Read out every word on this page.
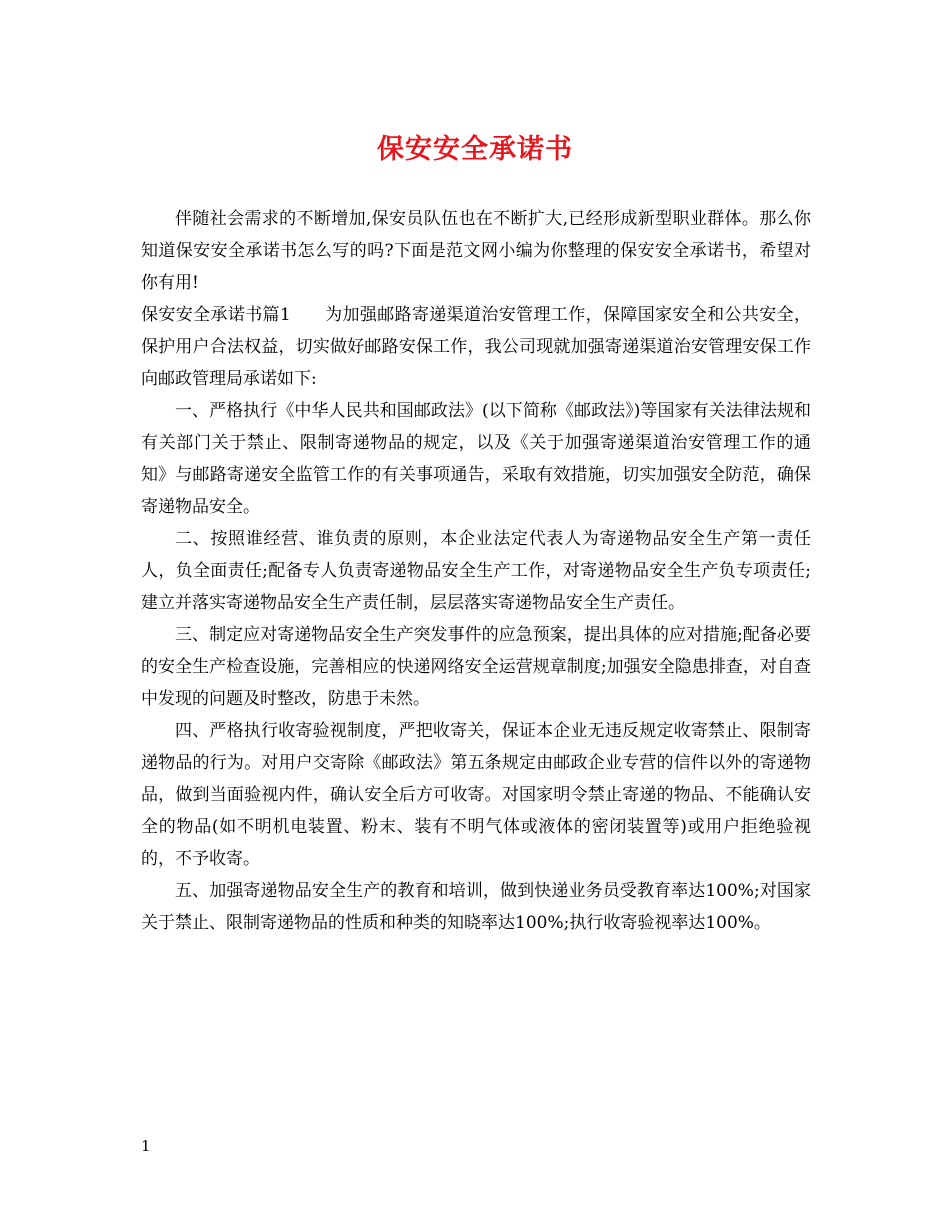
保安安全承诺书

伴随社会需求的不断增加,保安员队伍也在不断扩大,已经形成新型职业群体。那么你知道保安安全承诺书怎么写的吗?下面是范文网小编为你整理的保安安全承诺书，希望对你有用!

保安安全承诺书篇1 为加强邮路寄递渠道治安管理工作，保障国家安全和公共安全，保护用户合法权益，切实做好邮路安保工作，我公司现就加强寄递渠道治安管理安保工作向邮政管理局承诺如下:

一、严格执行《中华人民共和国邮政法》(以下简称《邮政法》)等国家有关法律法规和有关部门关于禁止、限制寄递物品的规定，以及《关于加强寄递渠道治安管理工作的通知》与邮路寄递安全监管工作的有关事项通告，采取有效措施，切实加强安全防范，确保寄递物品安全。

二、按照谁经营、谁负责的原则，本企业法定代表人为寄递物品安全生产第一责任人，负全面责任;配备专人负责寄递物品安全生产工作，对寄递物品安全生产负专项责任;建立并落实寄递物品安全生产责任制，层层落实寄递物品安全生产责任。

三、制定应对寄递物品安全生产突发事件的应急预案，提出具体的应对措施;配备必要的安全生产检查设施，完善相应的快递网络安全运营规章制度;加强安全隐患排查，对自查中发现的问题及时整改，防患于未然。

四、严格执行收寄验视制度，严把收寄关，保证本企业无违反规定收寄禁止、限制寄递物品的行为。对用户交寄除《邮政法》第五条规定由邮政企业专营的信件以外的寄递物品，做到当面验视内件，确认安全后方可收寄。对国家明令禁止寄递的物品、不能确认安全的物品(如不明机电装置、粉末、装有不明气体或液体的密闭装置等)或用户拒绝验视的，不予收寄。

五、加强寄递物品安全生产的教育和培训，做到快递业务员受教育率达100%;对国家关于禁止、限制寄递物品的性质和种类的知晓率达100%;执行收寄验视率达100%。

1
